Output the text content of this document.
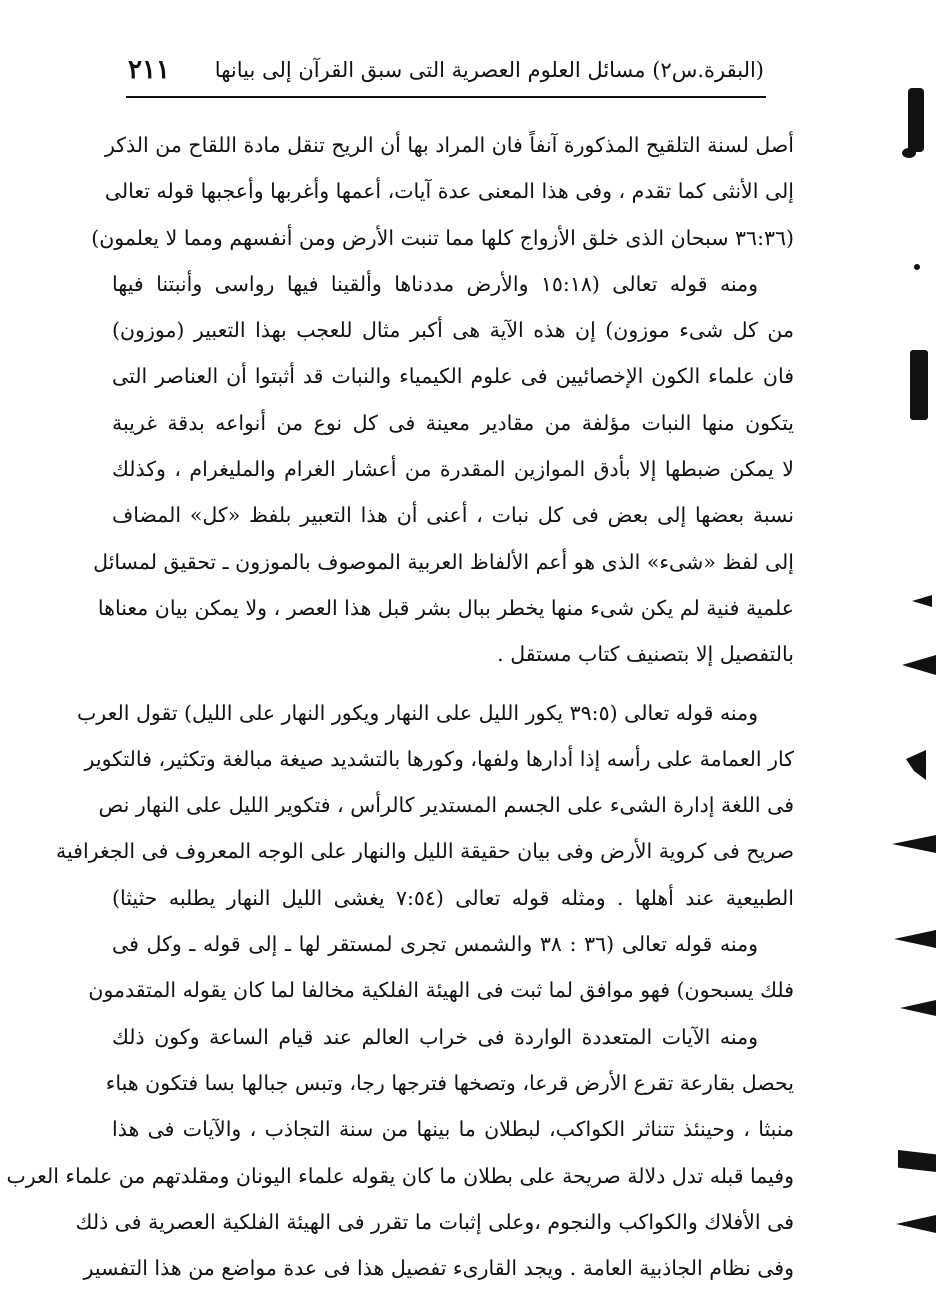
(البقرة.س٢) مسائل العلوم العصرية التى سبق القرآن إلى بيانها
٢١١
أصل لسنة التلقيح المذكورة آنفاً فان المراد بها أن الريح تنقل مادة اللقاح من الذكر
إلى الأنثى كما تقدم ، وفى هذا المعنى عدة آيات، أعمها وأغربها وأعجبها قوله تعالى
(٣٦:٣٦ سبحان الذى خلق الأزواج كلها مما تنبت الأرض ومن أنفسهم ومما لا يعلمون)
ومنه قوله تعالى (١٥:١٨ والأرض مددناها وألقينا فيها رواسى وأنبتنا فيها
من كل شىء موزون) إن هذه الآية هى أكبر مثال للعجب بهذا التعبير (موزون)
فان علماء الكون الإخصائيين فى علوم الكيمياء والنبات قد أثبتوا أن العناصر التى
يتكون منها النبات مؤلفة من مقادير معينة فى كل نوع من أنواعه بدقة غريبة
لا يمكن ضبطها إلا بأدق الموازين المقدرة من أعشار الغرام والمليغرام ، وكذلك
نسبة بعضها إلى بعض فى كل نبات ، أعنى أن هذا التعبير بلفظ «كل» المضاف
إلى لفظ «شىء» الذى هو أعم الألفاظ العربية الموصوف بالموزون ـ تحقيق لمسائل
علمية فنية لم يكن شىء منها يخطر ببال بشر قبل هذا العصر ، ولا يمكن بيان معناها
بالتفصيل إلا بتصنيف كتاب مستقل .
ومنه قوله تعالى (٣٩:٥ يكور الليل على النهار ويكور النهار على الليل) تقول العرب
كار العمامة على رأسه إذا أدارها ولفها، وكورها بالتشديد صيغة مبالغة وتكثير، فالتكوير
فى اللغة إدارة الشىء على الجسم المستدير كالرأس ، فتكوير الليل على النهار نص
صريح فى كروية الأرض وفى بيان حقيقة الليل والنهار على الوجه المعروف فى الجغرافية
الطبيعية عند أهلها . ومثله قوله تعالى (٧:٥٤ يغشى الليل النهار يطلبه حثيثا)
ومنه قوله تعالى (٣٦ : ٣٨ والشمس تجرى لمستقر لها ـ إلى قوله ـ وكل فى
فلك يسبحون) فهو موافق لما ثبت فى الهيئة الفلكية مخالفا لما كان يقوله المتقدمون
ومنه الآيات المتعددة الواردة فى خراب العالم عند قيام الساعة وكون ذلك
يحصل بقارعة تقرع الأرض قرعا، وتصخها فترجها رجا، وتبس جبالها بسا فتكون هباء
منبثا ، وحينئذ تتناثر الكواكب، لبطلان ما بينها من سنة التجاذب ، والآيات فى هذا
وفيما قبله تدل دلالة صريحة على بطلان ما كان يقوله علماء اليونان ومقلدتهم من علماء العرب
فى الأفلاك والكواكب والنجوم ،وعلى إثبات ما تقرر فى الهيئة الفلكية العصرية فى ذلك
وفى نظام الجاذبية العامة . ويجد القارىء تفصيل هذا فى عدة مواضع من هذا التفسير
